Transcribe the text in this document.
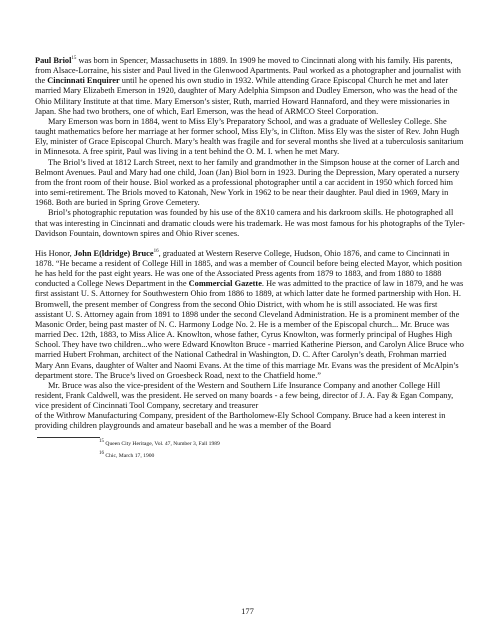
Paul Briol$^{15}$ was born in Spencer, Massachusetts in 1889. In 1909 he moved to Cincinnati along with his family. His parents, from Alsace-Lorraine, his sister and Paul lived in the Glenwood Apartments. Paul worked as a photographer and journalist with the Cincinnati Enquirer until he opened his own studio in 1932. While attending Grace Episcopal Church he met and later married Mary Elizabeth Emerson in 1920, daughter of Mary Adelphia Simpson and Dudley Emerson, who was the head of the Ohio Military Institute at that time. Mary Emerson’s sister, Ruth, married Howard Hannaford, and they were missionaries in Japan. She had two brothers, one of which, Earl Emerson, was the head of ARMCO Steel Corporation.

Mary Emerson was born in 1884, went to Miss Ely’s Preparatory School, and was a graduate of Wellesley College. She taught mathematics before her marriage at her former school, Miss Ely’s, in Clifton. Miss Ely was the sister of Rev. John Hugh Ely, minister of Grace Episcopal Church. Mary’s health was fragile and for several months she lived at a tuberculosis sanitarium in Minnesota. A free spirit, Paul was living in a tent behind the O. M. I. when he met Mary.

The Briol’s lived at 1812 Larch Street, next to her family and grandmother in the Simpson house at the corner of Larch and Belmont Avenues. Paul and Mary had one child, Joan (Jan) Biol born in 1923. During the Depression, Mary operated a nursery from the front room of their house. Biol worked as a professional photographer until a car accident in 1950 which forced him into semi-retirement. The Briols moved to Katonah, New York in 1962 to be near their daughter. Paul died in 1969, Mary in 1968. Both are buried in Spring Grove Cemetery.

Briol’s photographic reputation was founded by his use of the 8X10 camera and his darkroom skills. He photographed all that was interesting in Cincinnati and dramatic clouds were his trademark. He was most famous for his photographs of the Tyler-Davidson Fountain, downtown spires and Ohio River scenes.

His Honor, John E(ldridge) Bruce$^{16}$, graduated at Western Reserve College, Hudson, Ohio 1876, and came to Cincinnati in 1878. “He became a resident of College Hill in 1885, and was a member of Council before being elected Mayor, which position he has held for the past eight years. He was one of the Associated Press agents from 1879 to 1883, and from 1880 to 1888 conducted a College News Department in the Commercial Gazette. He was admitted to the practice of law in 1879, and he was first assistant U. S. Attorney for Southwestern Ohio from 1886 to 1889, at which latter date he formed partnership with Hon. H. Bromwell, the present member of Congress from the second Ohio District, with whom he is still associated. He was first assistant U. S. Attorney again from 1891 to 1898 under the second Cleveland Administration. He is a prominent member of the Masonic Order, being past master of N. C. Harmony Lodge No. 2. He is a member of the Episcopal church... Mr. Bruce was married Dec. 12th, 1883, to Miss Alice A. Knowlton, whose father, Cyrus Knowlton, was formerly principal of Hughes High School. They have two children...who were Edward Knowlton Bruce - married Katherine Pierson, and Carolyn Alice Bruce who married Hubert Frohman, architect of the National Cathedral in Washington, D. C. After Carolyn’s death, Frohman married Mary Ann Evans, daughter of Walter and Naomi Evans. At the time of this marriage Mr. Evans was the president of McAlpin’s department store. The Bruce’s lived on Groesbeck Road, next to the Chatfield home.”

Mr. Bruce was also the vice-president of the Western and Southern Life Insurance Company and another College Hill resident, Frank Caldwell, was the president. He served on many boards - a few being, director of J. A. Fay & Egan Company, vice president of Cincinnati Tool Company, secretary and treasurer

of the Withrow Manufacturing Company, president of the Bartholomew-Ely School Company. Bruce had a keen interest in providing children playgrounds and amateur baseball and he was a member of the Board

$^{15}$ Queen City Heritage, Vol. 47, Number 3, Fall 1989

$^{16}$ Chic, March 17, 1900

177
